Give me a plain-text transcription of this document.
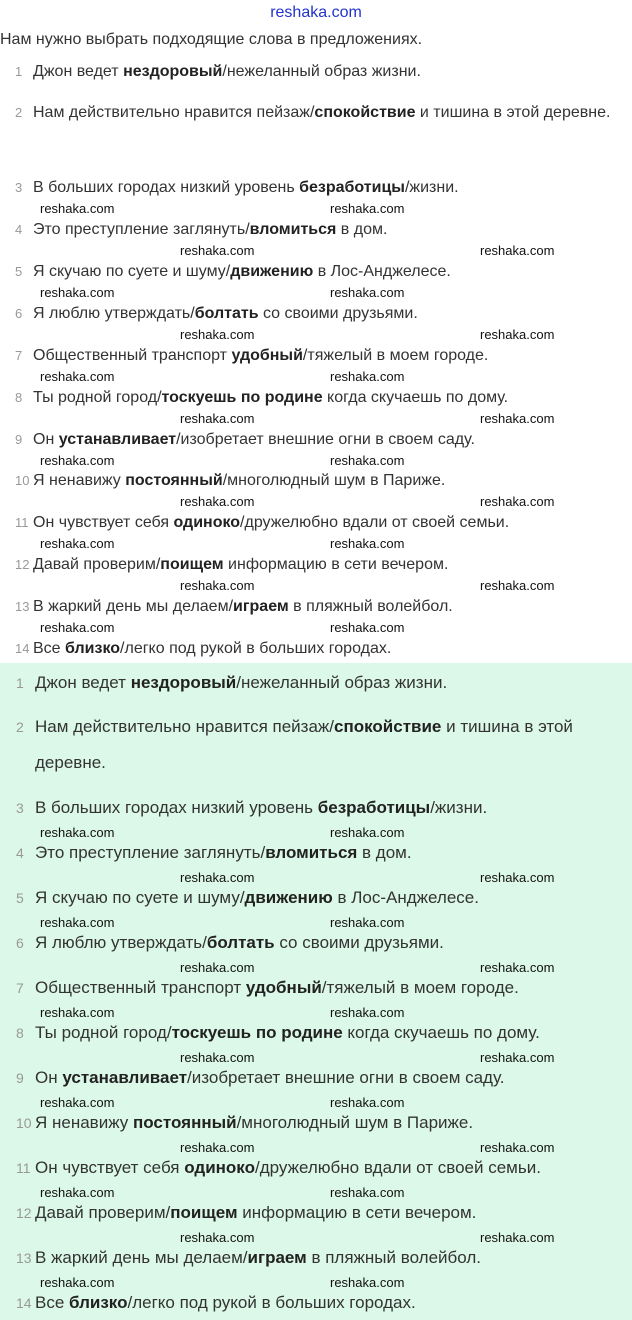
reshaka.com
Нам нужно выбрать подходящие слова в предложениях.
1 Джон ведет нездоровый/нежеланный образ жизни.
2 Нам действительно нравится пейзаж/спокойствие и тишина в этой деревне.
3 В больших городах низкий уровень безработицы/жизни.
4 Это преступление заглянуть/вломиться в дом.
5 Я скучаю по суете и шуму/движению в Лос-Анджелесе.
6 Я люблю утверждать/болтать со своими друзьями.
7 Общественный транспорт удобный/тяжелый в моем городе.
8 Ты родной город/тоскуешь по родине когда скучаешь по дому.
9 Он устанавливает/изобретает внешние огни в своем саду.
10 Я ненавижу постоянный/многолюдный шум в Париже.
11 Он чувствует себя одиноко/дружелюбно вдали от своей семьи.
12 Давай проверим/поищем информацию в сети вечером.
13 В жаркий день мы делаем/играем в пляжный волейбол.
14 Все близко/легко под рукой в больших городах.
1 Джон ведет нездоровый/нежеланный образ жизни.
2 Нам действительно нравится пейзаж/спокойствие и тишина в этой деревне.
3 В больших городах низкий уровень безработицы/жизни.
4 Это преступление заглянуть/вломиться в дом.
5 Я скучаю по суете и шуму/движению в Лос-Анджелесе.
6 Я люблю утверждать/болтать со своими друзьями.
7 Общественный транспорт удобный/тяжелый в моем городе.
8 Ты родной город/тоскуешь по родине когда скучаешь по дому.
9 Он устанавливает/изобретает внешние огни в своем саду.
10 Я ненавижу постоянный/многолюдный шум в Париже.
11 Он чувствует себя одиноко/дружелюбно вдали от своей семьи.
12 Давай проверим/поищем информацию в сети вечером.
13 В жаркий день мы делаем/играем в пляжный волейбол.
14 Все близко/легко под рукой в больших городах.
reshaka.com	reshaka.com
reshaka.com	reshaka.com
reshaka.com	reshaka.com
reshaka.com	reshaka.com
reshaka.com	reshaka.com
reshaka.com	reshaka.com
reshaka.com	reshaka.com
reshaka.com	reshaka.com
reshaka.com	reshaka.com
reshaka.com	reshaka.com
reshaka.com	reshaka.com
reshaka.com	reshaka.com
reshaka.com	reshaka.com
reshaka.com	reshaka.com
reshaka.com	reshaka.com
reshaka.com	reshaka.com
reshaka.com	reshaka.com
reshaka.com	reshaka.com
reshaka.com	reshaka.com
reshaka.com	reshaka.com
reshaka.com	reshaka.com
reshaka.com	reshaka.com
